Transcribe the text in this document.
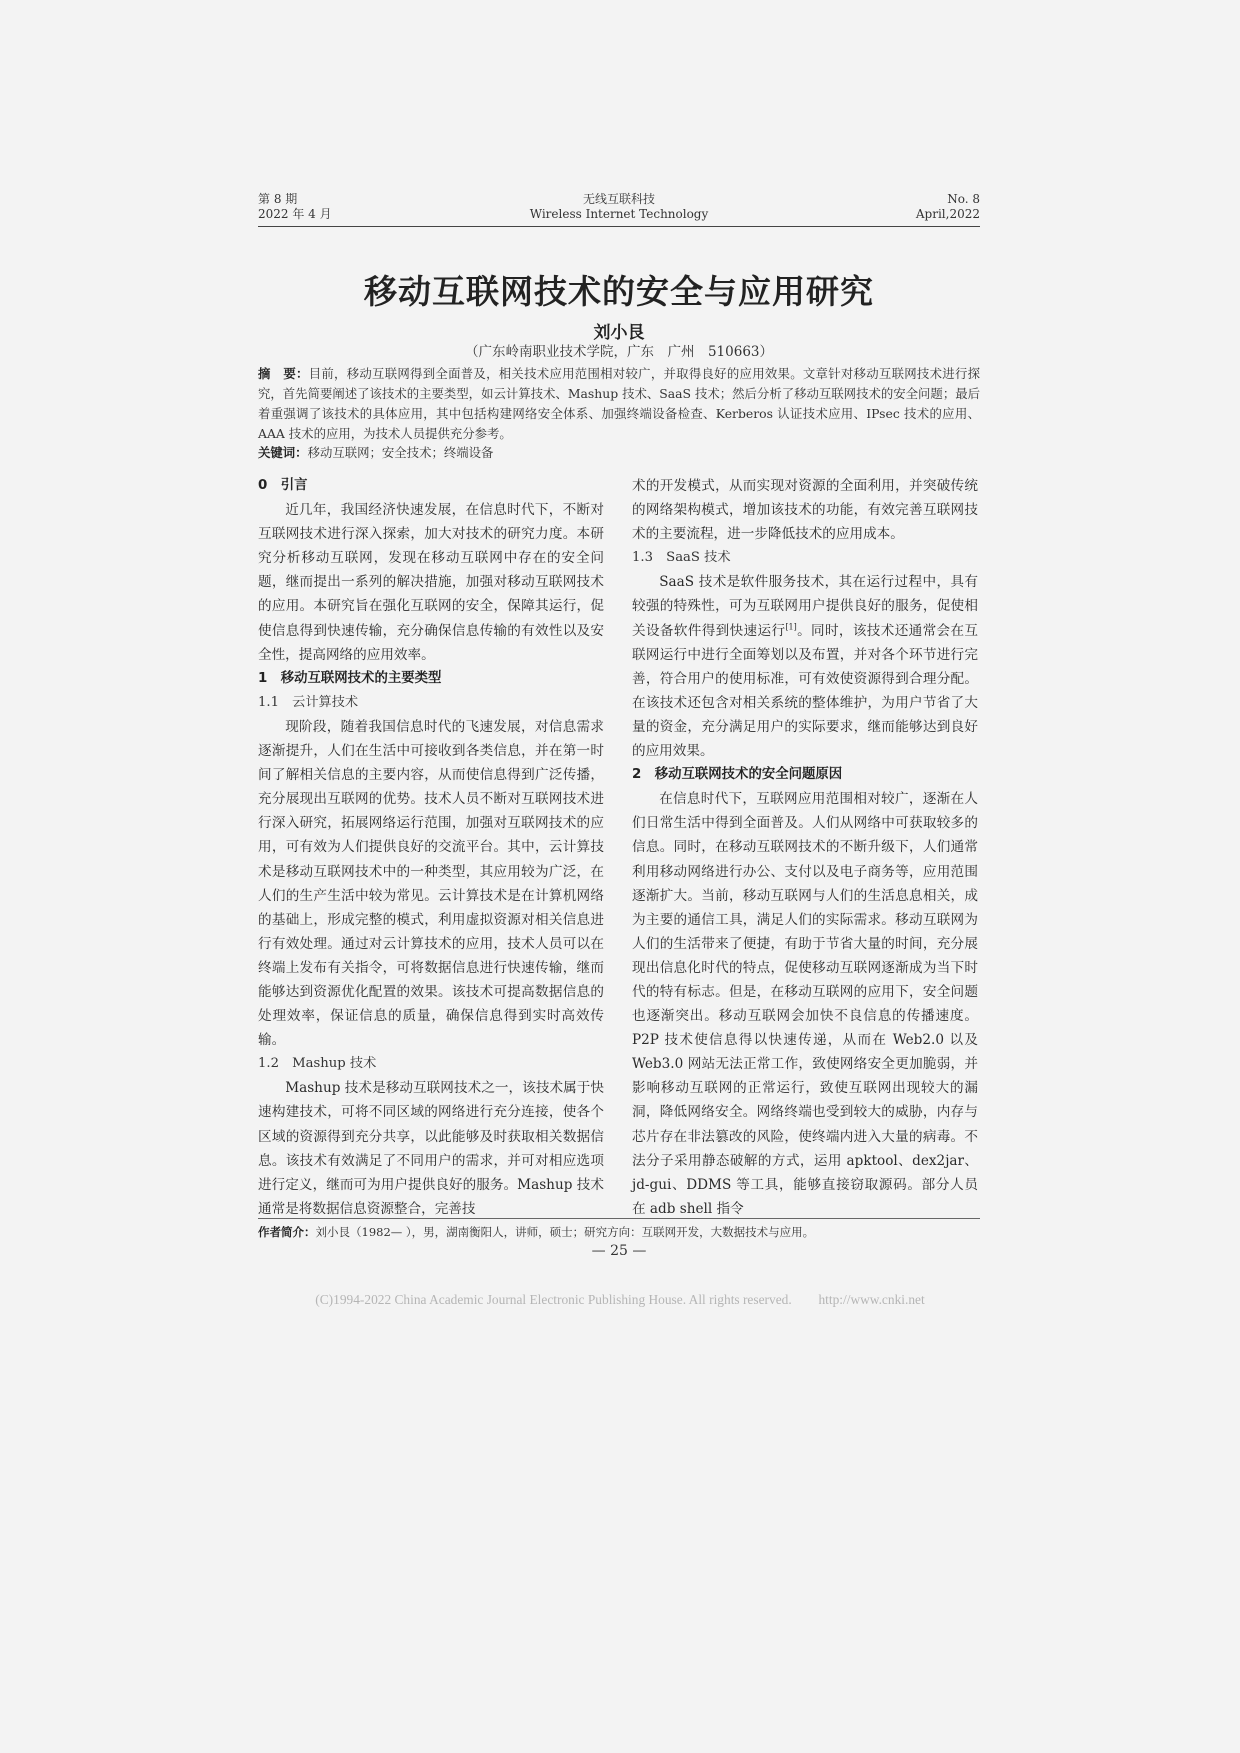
第 8 期
2022 年 4 月
无线互联科技
Wireless Internet Technology
No. 8
April,2022
移动互联网技术的安全与应用研究
刘小艮
（广东岭南职业技术学院，广东　广州　510663）
摘　要：目前，移动互联网得到全面普及，相关技术应用范围相对较广，并取得良好的应用效果。文章针对移动互联网技术进行探究，首先简要阐述了该技术的主要类型，如云计算技术、Mashup 技术、SaaS 技术；然后分析了移动互联网技术的安全问题；最后着重强调了该技术的具体应用，其中包括构建网络安全体系、加强终端设备检查、Kerberos 认证技术应用、IPsec 技术的应用、AAA 技术的应用，为技术人员提供充分参考。
关键词：移动互联网；安全技术；终端设备
0　引言

近几年，我国经济快速发展，在信息时代下，不断对互联网技术进行深入探索，加大对技术的研究力度。本研究分析移动互联网，发现在移动互联网中存在的安全问题，继而提出一系列的解决措施，加强对移动互联网技术的应用。本研究旨在强化互联网的安全，保障其运行，促使信息得到快速传输，充分确保信息传输的有效性以及安全性，提高网络的应用效率。

1　移动互联网技术的主要类型
1.1　云计算技术

现阶段，随着我国信息时代的飞速发展，对信息需求逐渐提升，人们在生活中可接收到各类信息，并在第一时间了解相关信息的主要内容，从而使信息得到广泛传播，充分展现出互联网的优势。技术人员不断对互联网技术进行深入研究，拓展网络运行范围，加强对互联网技术的应用，可有效为人们提供良好的交流平台。其中，云计算技术是移动互联网技术中的一种类型，其应用较为广泛，在人们的生产生活中较为常见。云计算技术是在计算机网络的基础上，形成完整的模式，利用虚拟资源对相关信息进行有效处理。通过对云计算技术的应用，技术人员可以在终端上发布有关指令，可将数据信息进行快速传输，继而能够达到资源优化配置的效果。该技术可提高数据信息的处理效率，保证信息的质量，确保信息得到实时高效传输。

1.2　Mashup 技术

Mashup 技术是移动互联网技术之一，该技术属于快速构建技术，可将不同区域的网络进行充分连接，使各个区域的资源得到充分共享，以此能够及时获取相关数据信息。该技术有效满足了不同用户的需求，并可对相应选项进行定义，继而可为用户提供良好的服务。Mashup 技术通常是将数据信息资源整合，完善技

术的开发模式，从而实现对资源的全面利用，并突破传统的网络架构模式，增加该技术的功能，有效完善互联网技术的主要流程，进一步降低技术的应用成本。

1.3　SaaS 技术

SaaS 技术是软件服务技术，其在运行过程中，具有较强的特殊性，可为互联网用户提供良好的服务，促使相关设备软件得到快速运行[1]。同时，该技术还通常会在互联网运行中进行全面筹划以及布置，并对各个环节进行完善，符合用户的使用标准，可有效使资源得到合理分配。在该技术还包含对相关系统的整体维护，为用户节省了大量的资金，充分满足用户的实际要求，继而能够达到良好的应用效果。

2　移动互联网技术的安全问题原因

在信息时代下，互联网应用范围相对较广，逐渐在人们日常生活中得到全面普及。人们从网络中可获取较多的信息。同时，在移动互联网技术的不断升级下，人们通常利用移动网络进行办公、支付以及电子商务等，应用范围逐渐扩大。当前，移动互联网与人们的生活息息相关，成为主要的通信工具，满足人们的实际需求。移动互联网为人们的生活带来了便捷，有助于节省大量的时间，充分展现出信息化时代的特点，促使移动互联网逐渐成为当下时代的特有标志。但是，在移动互联网的应用下，安全问题也逐渐突出。移动互联网会加快不良信息的传播速度。P2P 技术使信息得以快速传递，从而在 Web2.0 以及 Web3.0 网站无法正常工作，致使网络安全更加脆弱，并影响移动互联网的正常运行，致使互联网出现较大的漏洞，降低网络安全。网络终端也受到较大的威胁，内存与芯片存在非法篡改的风险，使终端内进入大量的病毒。不法分子采用静态破解的方式，运用 apktool、dex2jar、jd-gui、DDMS 等工具，能够直接窃取源码。部分人员在 adb shell 指令

作者简介：刘小艮（1982— ），男，湖南衡阳人，讲师，硕士；研究方向：互联网开发，大数据技术与应用。
— 25 —
(C)1994-2022 China Academic Journal Electronic Publishing House. All rights reserved.　　http://www.cnki.net
